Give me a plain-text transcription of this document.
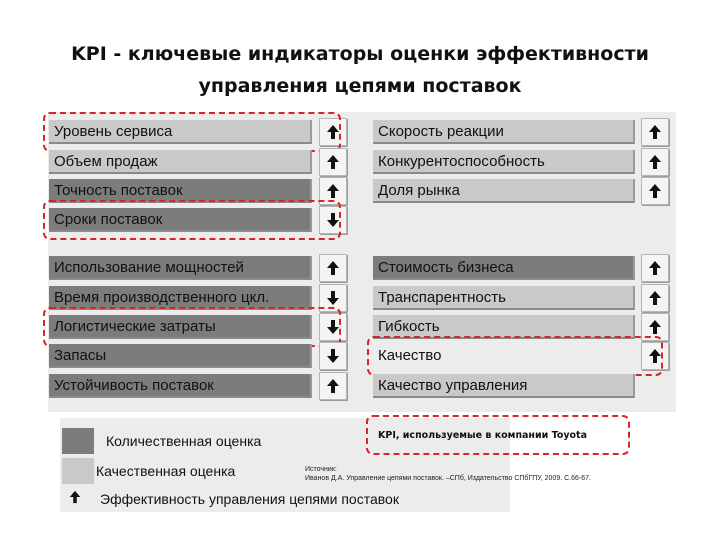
KPI - ключевые индикаторы оценки эффективности
управления цепями поставок
Уровень сервиса
Объем продаж
Точность поставок
Сроки поставок
Использование мощностей
Время производственного цкл.
Логистические затраты
Запасы
Устойчивость поставок
Скорость реакции
Конкурентоспособность
Доля рынка
Стоимость бизнеса
Транспарентность
Гибкость
Качество
Качество управления
Количественная оценка
Качественная оценка
Эффективность управления цепями поставок
KPI, используемые в компании Toyota
Источник:
Иванов Д.А. Управление цепями поставок. –СПб, Издательство СПбГПУ, 2009. С.66-67.
